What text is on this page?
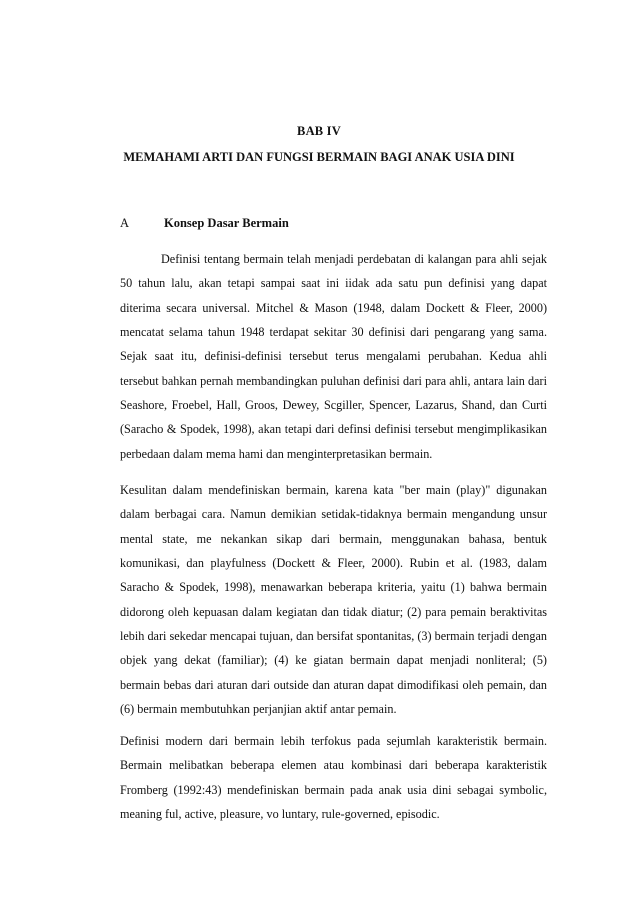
BAB IV
MEMAHAMI ARTI DAN FUNGSI BERMAIN BAGI ANAK USIA DINI
A	Konsep Dasar Bermain

Definisi tentang bermain telah menjadi perdebatan di kalangan para ahli sejak 50 tahun lalu, akan tetapi sampai saat ini iidak ada satu pun definisi yang dapat diterima secara universal. Mitchel & Mason (1948, dalam Dockett & Fleer, 2000) mencatat selama tahun 1948 terdapat sekitar 30 definisi dari pengarang yang sama. Sejak saat itu, definisi-definisi tersebut terus mengalami perubahan. Kedua ahli tersebut bahkan pernah membandingkan puluhan definisi dari para ahli, antara lain dari Seashore, Froebel, Hall, Groos, Dewey, Scgiller, Spencer, Lazarus, Shand, dan Curti (Saracho & Spodek, 1998), akan tetapi dari definsi definisi tersebut mengimplikasikan perbedaan dalam mema hami dan menginterpretasikan bermain.

Kesulitan dalam mendefiniskan bermain, karena kata "ber main (play)" digunakan dalam berbagai cara. Namun demikian setidak-tidaknya bermain mengandung unsur mental state, me nekankan sikap dari bermain, menggunakan bahasa, bentuk komunikasi, dan playfulness (Dockett & Fleer, 2000). Rubin et al. (1983, dalam Saracho & Spodek, 1998), menawarkan beberapa kriteria, yaitu (1) bahwa bermain didorong oleh kepuasan dalam kegiatan dan tidak diatur; (2) para pemain beraktivitas lebih dari sekedar mencapai tujuan, dan bersifat spontanitas, (3) bermain terjadi dengan objek yang dekat (familiar); (4) ke giatan bermain dapat menjadi nonliteral; (5) bermain bebas dari aturan dari outside dan aturan dapat dimodifikasi oleh pemain, dan (6) bermain membutuhkan perjanjian aktif antar pemain.

Definisi modern dari bermain lebih terfokus pada sejumlah karakteristik bermain. Bermain melibatkan beberapa elemen atau kombinasi dari beberapa karakteristik Fromberg (1992:43) mendefiniskan bermain pada anak usia dini sebagai symbolic, meaning ful, active, pleasure, vo luntary, rule-governed, episodic.
